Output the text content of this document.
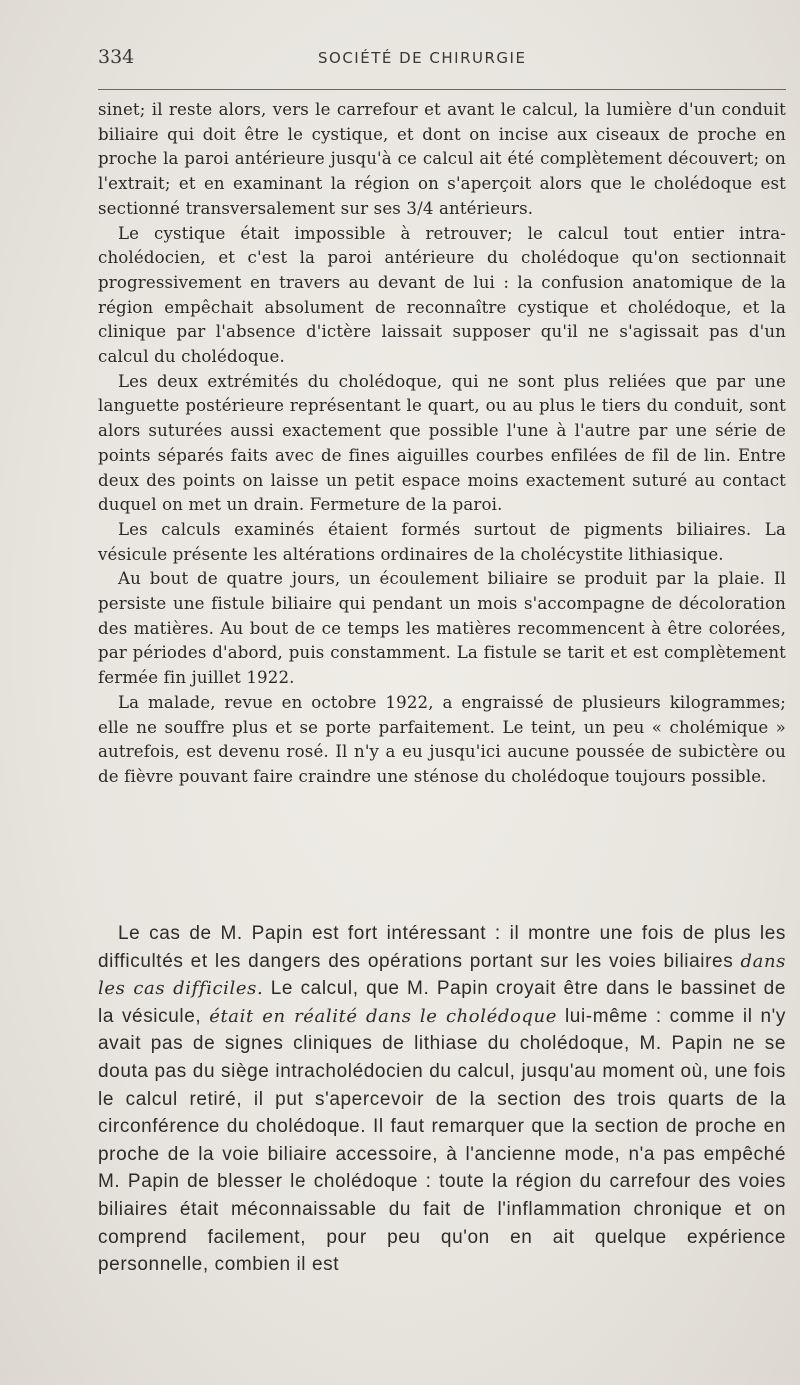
334	SOCIÉTÉ DE CHIRURGIE

sinet; il reste alors, vers le carrefour et avant le calcul, la lumière d'un conduit biliaire qui doit être le cystique, et dont on incise aux ciseaux de proche en proche la paroi antérieure jusqu'à ce calcul ait été complètement découvert; on l'extrait; et en examinant la région on s'aperçoit alors que le cholédoque est sectionné transversalement sur ses 3/4 antérieurs.

Le cystique était impossible à retrouver; le calcul tout entier intra-cholédocien, et c'est la paroi antérieure du cholédoque qu'on sectionnait progressivement en travers au devant de lui : la confusion anatomique de la région empêchait absolument de reconnaître cystique et cholédoque, et la clinique par l'absence d'ictère laissait supposer qu'il ne s'agissait pas d'un calcul du cholédoque.

Les deux extrémités du cholédoque, qui ne sont plus reliées que par une languette postérieure représentant le quart, ou au plus le tiers du conduit, sont alors suturées aussi exactement que possible l'une à l'autre par une série de points séparés faits avec de fines aiguilles courbes enfilées de fil de lin. Entre deux des points on laisse un petit espace moins exactement suturé au contact duquel on met un drain. Fermeture de la paroi.

Les calculs examinés étaient formés surtout de pigments biliaires. La vésicule présente les altérations ordinaires de la cholécystite lithiasique.

Au bout de quatre jours, un écoulement biliaire se produit par la plaie. Il persiste une fistule biliaire qui pendant un mois s'accompagne de décoloration des matières. Au bout de ce temps les matières recommencent à être colorées, par périodes d'abord, puis constamment. La fistule se tarit et est complètement fermée fin juillet 1922.

La malade, revue en octobre 1922, a engraissé de plusieurs kilogrammes; elle ne souffre plus et se porte parfaitement. Le teint, un peu « cholémique » autrefois, est devenu rosé. Il n'y a eu jusqu'ici aucune poussée de subictère ou de fièvre pouvant faire craindre une sténose du cholédoque toujours possible.

Le cas de M. Papin est fort intéressant : il montre une fois de plus les difficultés et les dangers des opérations portant sur les voies biliaires dans les cas difficiles. Le calcul, que M. Papin croyait être dans le bassinet de la vésicule, était en réalité dans le cholédoque lui-même : comme il n'y avait pas de signes cliniques de lithiase du cholédoque, M. Papin ne se douta pas du siège intracholédocien du calcul, jusqu'au moment où, une fois le calcul retiré, il put s'apercevoir de la section des trois quarts de la circonférence du cholédoque. Il faut remarquer que la section de proche en proche de la voie biliaire accessoire, à l'ancienne mode, n'a pas empêché M. Papin de blesser le cholédoque : toute la région du carrefour des voies biliaires était méconnaissable du fait de l'inflammation chronique et on comprend facilement, pour peu qu'on en ait quelque expérience personnelle, combien il est
